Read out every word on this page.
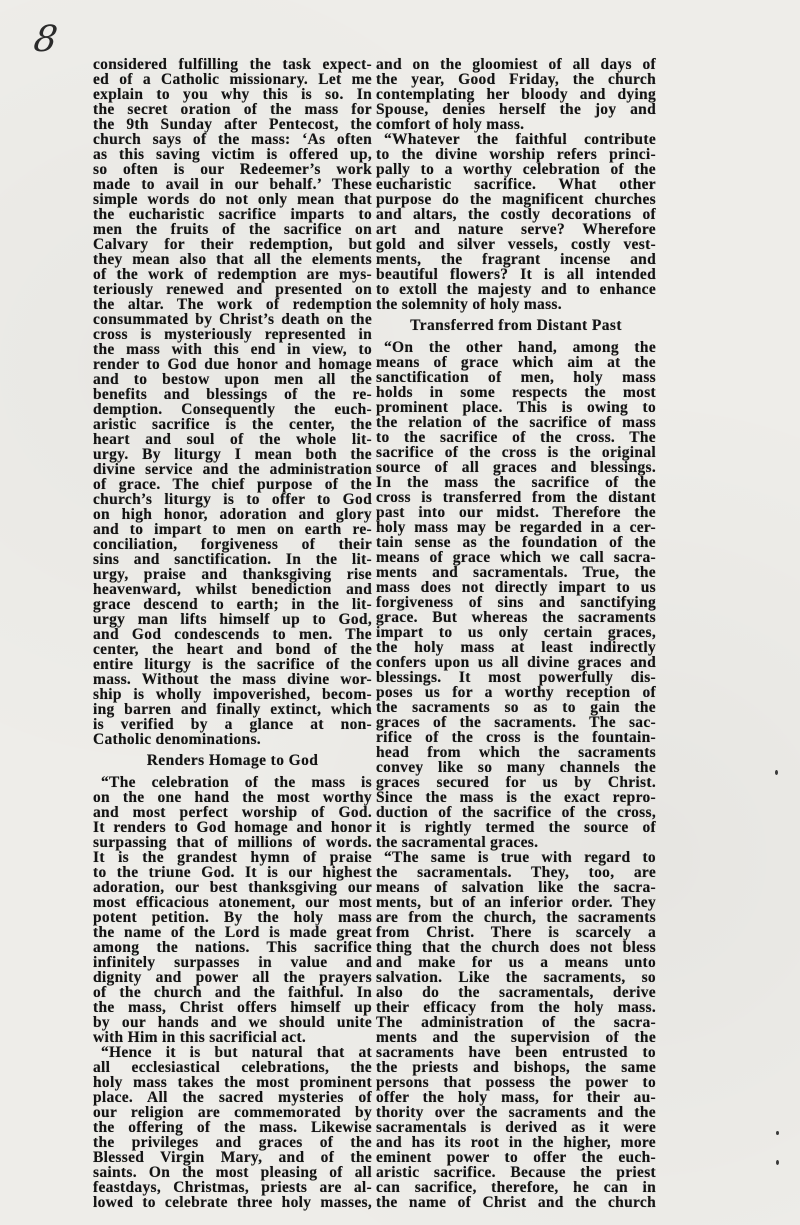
8
considered fulfilling the task expect-
ed of a Catholic missionary. Let me
explain to you why this is so. In
the secret oration of the mass for
the 9th Sunday after Pentecost, the
church says of the mass: ‘As often
as this saving victim is offered up,
so often is our Redeemer’s work
made to avail in our behalf.’ These
simple words do not only mean that
the eucharistic sacrifice imparts to
men the fruits of the sacrifice on
Calvary for their redemption, but
they mean also that all the elements
of the work of redemption are mys-
teriously renewed and presented on
the altar. The work of redemption
consummated by Christ’s death on the
cross is mysteriously represented in
the mass with this end in view, to
render to God due honor and homage
and to bestow upon men all the
benefits and blessings of the re-
demption. Consequently the euch-
aristic sacrifice is the center, the
heart and soul of the whole lit-
urgy. By liturgy I mean both the
divine service and the administration
of grace. The chief purpose of the
church’s liturgy is to offer to God
on high honor, adoration and glory
and to impart to men on earth re-
conciliation, forgiveness of their
sins and sanctification. In the lit-
urgy, praise and thanksgiving rise
heavenward, whilst benediction and
grace descend to earth; in the lit-
urgy man lifts himself up to God,
and God condescends to men. The
center, the heart and bond of the
entire liturgy is the sacrifice of the
mass. Without the mass divine wor-
ship is wholly impoverished, becom-
ing barren and finally extinct, which
is verified by a glance at non-
Catholic denominations.
Renders Homage to God
“The celebration of the mass is
on the one hand the most worthy
and most perfect worship of God.
It renders to God homage and honor
surpassing that of millions of words.
It is the grandest hymn of praise
to the triune God. It is our highest
adoration, our best thanksgiving our
most efficacious atonement, our most
potent petition. By the holy mass
the name of the Lord is made great
among the nations. This sacrifice
infinitely surpasses in value and
dignity and power all the prayers
of the church and the faithful. In
the mass, Christ offers himself up
by our hands and we should unite
with Him in this sacrificial act.
“Hence it is but natural that at
all ecclesiastical celebrations, the
holy mass takes the most prominent
place. All the sacred mysteries of
our religion are commemorated by
the offering of the mass. Likewise
the privileges and graces of the
Blessed Virgin Mary, and of the
saints. On the most pleasing of all
feastdays, Christmas, priests are al-
lowed to celebrate three holy masses,
and on the gloomiest of all days of
the year, Good Friday, the church
contemplating her bloody and dying
Spouse, denies herself the joy and
comfort of holy mass.
“Whatever the faithful contribute
to the divine worship refers princi-
pally to a worthy celebration of the
eucharistic sacrifice. What other
purpose do the magnificent churches
and altars, the costly decorations of
art and nature serve? Wherefore
gold and silver vessels, costly vest-
ments, the fragrant incense and
beautiful flowers? It is all intended
to extoll the majesty and to enhance
the solemnity of holy mass.
Transferred from Distant Past
“On the other hand, among the
means of grace which aim at the
sanctification of men, holy mass
holds in some respects the most
prominent place. This is owing to
the relation of the sacrifice of mass
to the sacrifice of the cross. The
sacrifice of the cross is the original
source of all graces and blessings.
In the mass the sacrifice of the
cross is transferred from the distant
past into our midst. Therefore the
holy mass may be regarded in a cer-
tain sense as the foundation of the
means of grace which we call sacra-
ments and sacramentals. True, the
mass does not directly impart to us
forgiveness of sins and sanctifying
grace. But whereas the sacraments
impart to us only certain graces,
the holy mass at least indirectly
confers upon us all divine graces and
blessings. It most powerfully dis-
poses us for a worthy reception of
the sacraments so as to gain the
graces of the sacraments. The sac-
rifice of the cross is the fountain-
head from which the sacraments
convey like so many channels the
graces secured for us by Christ.
Since the mass is the exact repro-
duction of the sacrifice of the cross,
it is rightly termed the source of
the sacramental graces.
“The same is true with regard to
the sacramentals. They, too, are
means of salvation like the sacra-
ments, but of an inferior order. They
are from the church, the sacraments
from Christ. There is scarcely a
thing that the church does not bless
and make for us a means unto
salvation. Like the sacraments, so
also do the sacramentals, derive
their efficacy from the holy mass.
The administration of the sacra-
ments and the supervision of the
sacraments have been entrusted to
the priests and bishops, the same
persons that possess the power to
offer the holy mass, for their au-
thority over the sacraments and the
sacramentals is derived as it were
and has its root in the higher, more
eminent power to offer the euch-
aristic sacrifice. Because the priest
can sacrifice, therefore, he can in
the name of Christ and the church
